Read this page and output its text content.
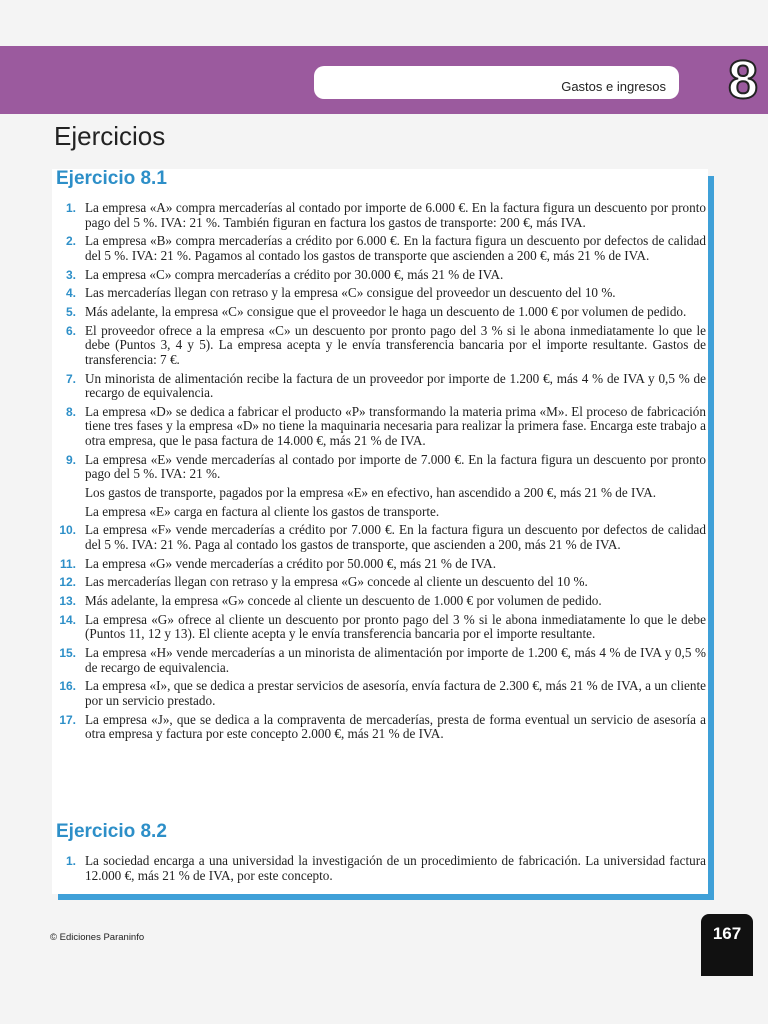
Gastos e ingresos 8
Ejercicios
Ejercicio 8.1
1. La empresa «A» compra mercaderías al contado por importe de 6.000 €. En la factura figura un descuento por pronto pago del 5 %. IVA: 21 %. También figuran en factura los gastos de transporte: 200 €, más IVA.
2. La empresa «B» compra mercaderías a crédito por 6.000 €. En la factura figura un descuento por defectos de calidad del 5 %. IVA: 21 %. Pagamos al contado los gastos de transporte que ascienden a 200 €, más 21 % de IVA.
3. La empresa «C» compra mercaderías a crédito por 30.000 €, más 21 % de IVA.
4. Las mercaderías llegan con retraso y la empresa «C» consigue del proveedor un descuento del 10 %.
5. Más adelante, la empresa «C» consigue que el proveedor le haga un descuento de 1.000 € por volumen de pedido.
6. El proveedor ofrece a la empresa «C» un descuento por pronto pago del 3 % si le abona inmediatamente lo que le debe (Puntos 3, 4 y 5). La empresa acepta y le envía transferencia bancaria por el importe resultante. Gastos de transferencia: 7 €.
7. Un minorista de alimentación recibe la factura de un proveedor por importe de 1.200 €, más 4 % de IVA y 0,5 % de recargo de equivalencia.
8. La empresa «D» se dedica a fabricar el producto «P» transformando la materia prima «M». El proceso de fabricación tiene tres fases y la empresa «D» no tiene la maquinaria necesaria para realizar la primera fase. Encarga este trabajo a otra empresa, que le pasa factura de 14.000 €, más 21 % de IVA.
9. La empresa «E» vende mercaderías al contado por importe de 7.000 €. En la factura figura un descuento por pronto pago del 5 %. IVA: 21 %.

Los gastos de transporte, pagados por la empresa «E» en efectivo, han ascendido a 200 €, más 21 % de IVA.

La empresa «E» carga en factura al cliente los gastos de transporte.

10. La empresa «F» vende mercaderías a crédito por 7.000 €. En la factura figura un descuento por defectos de calidad del 5 %. IVA: 21 %. Paga al contado los gastos de transporte, que ascienden a 200, más 21 % de IVA.
11. La empresa «G» vende mercaderías a crédito por 50.000 €, más 21 % de IVA.
12. Las mercaderías llegan con retraso y la empresa «G» concede al cliente un descuento del 10 %.
13. Más adelante, la empresa «G» concede al cliente un descuento de 1.000 € por volumen de pedido.
14. La empresa «G» ofrece al cliente un descuento por pronto pago del 3 % si le abona inmediatamente lo que le debe (Puntos 11, 12 y 13). El cliente acepta y le envía transferencia bancaria por el importe resultante.
15. La empresa «H» vende mercaderías a un minorista de alimentación por importe de 1.200 €, más 4 % de IVA y 0,5 % de recargo de equivalencia.
16. La empresa «I», que se dedica a prestar servicios de asesoría, envía factura de 2.300 €, más 21 % de IVA, a un cliente por un servicio prestado.
17. La empresa «J», que se dedica a la compraventa de mercaderías, presta de forma eventual un servicio de asesoría a otra empresa y factura por este concepto 2.000 €, más 21 % de IVA.
Ejercicio 8.2
1. La sociedad encarga a una universidad la investigación de un procedimiento de fabricación. La universidad factura 12.000 €, más 21 % de IVA, por este concepto.
© Ediciones Paraninfo	167
